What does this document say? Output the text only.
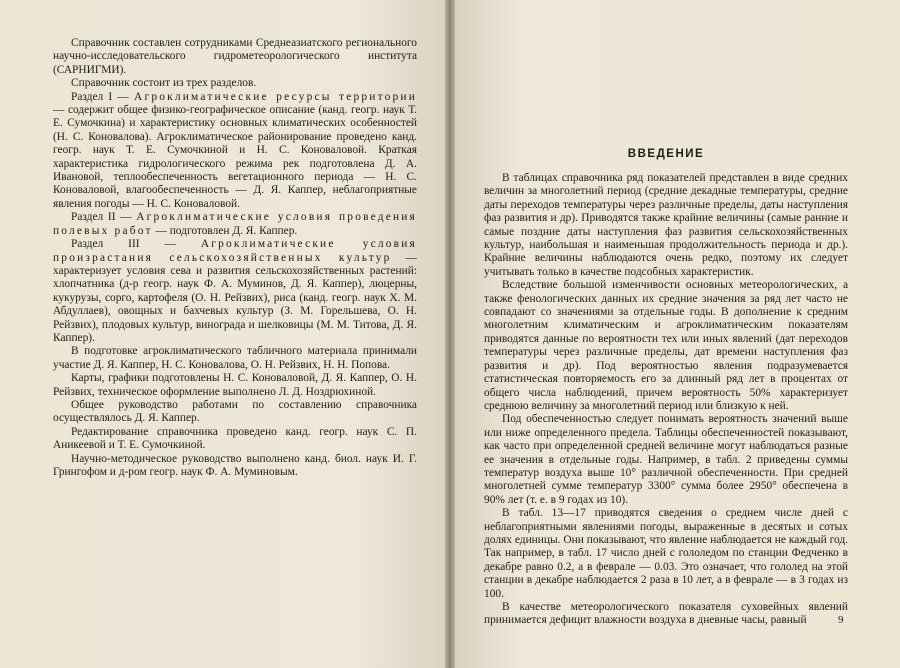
Справочник составлен сотрудниками Среднеазиатского регионального научно-исследовательского гидрометеорологического института (САРНИГМИ).

Справочник состоит из трех разделов.

Раздел I — Агроклиматические ресурсы территории — содержит общее физико-географическое описание (канд. геогр. наук Т. Е. Сумочкина) и характеристику основных климатических особенностей (Н. С. Коновалова). Агроклиматическое районирование проведено канд. геогр. наук Т. Е. Сумочкиной и Н. С. Коноваловой. Краткая характеристика гидрологического режима рек подготовлена Д. А. Ивановой, теплообеспеченность вегетационного периода — Н. С. Коноваловой, влагообеспеченность — Д. Я. Каппер, неблагоприятные явления погоды — Н. С. Коноваловой.

Раздел II — Агроклиматические условия проведения полевых работ — подготовлен Д. Я. Каппер.

Раздел III — Агроклиматические условия произрастания сельскохозяйственных культур — характеризует условия сева и развития сельскохозяйственных растений: хлопчатника (д-р геогр. наук Ф. А. Муминов, Д. Я. Каппер), люцерны, кукурузы, сорго, картофеля (О. Н. Рейзвих), риса (канд. геогр. наук Х. М. Абдуллаев), овощных и бахчевых культур (З. М. Горельшева, О. Н. Рейзвих), плодовых культур, винограда и шелковицы (М. М. Титова, Д. Я. Каппер).

В подготовке агроклиматического табличного материала принимали участие Д. Я. Каппер, Н. С. Коновалова, О. Н. Рейзвих, Н. Н. Попова.

Карты, графики подготовлены Н. С. Коноваловой, Д. Я. Каппер, О. Н. Рейзвих, техническое оформление выполнено Л. Д. Ноздрюхиной.

Общее руководство работами по составлению справочника осуществлялось Д. Я. Каппер.

Редактирование справочника проведено канд. геогр. наук С. П. Аникеевой и Т. Е. Сумочкиной.

Научно-методическое руководство выполнено канд. биол. наук И. Г. Грингофом и д-ром геогр. наук Ф. А. Муминовым.

ВВЕДЕНИЕ

В таблицах справочника ряд показателей представлен в виде средних величин за многолетний период (средние декадные температуры, средние даты переходов температуры через различные пределы, даты наступления фаз развития и др). Приводятся также крайние величины (самые ранние и самые поздние даты наступления фаз развития сельскохозяйственных культур, наибольшая и наименьшая продолжительность периода и др.). Крайние величины наблюдаются очень редко, поэтому их следует учитывать только в качестве подсобных характеристик.

Вследствие большой изменчивости основных метеорологических, а также фенологических данных их средние значения за ряд лет часто не совпадают со значениями за отдельные годы. В дополнение к средним многолетним климатическим и агроклиматическим показателям приводятся данные по вероятности тех или иных явлений (дат переходов температуры через различные пределы, дат времени наступления фаз развития и др). Под вероятностью явления подразумевается статистическая повторяемость его за длинный ряд лет в процентах от общего числа наблюдений, причем вероятность 50% характеризует среднюю величину за многолетний период или близкую к ней.

Под обеспеченностью следует понимать вероятность значений выше или ниже определенного предела. Таблицы обеспеченностей показывают, как часто при определенной средней величине могут наблюдаться разные ее значения в отдельные годы. Например, в табл. 2 приведены суммы температур воздуха выше 10° различной обеспеченности. При средней многолетней сумме температур 3300° сумма более 2950° обеспечена в 90% лет (т. е. в 9 годах из 10).

В табл. 13—17 приводятся сведения о среднем числе дней с неблагоприятными явлениями погоды, выраженные в десятых и сотых долях единицы. Они показывают, что явление наблюдается не каждый год. Так например, в табл. 17 число дней с гололедом по станции Федченко в декабре равно 0.2, а в феврале — 0.03. Это означает, что гололед на этой станции в декабре наблюдается 2 раза в 10 лет, а в феврале — в 3 годах из 100.

В качестве метеорологического показателя суховейных явлений принимается дефицит влажности воздуха в дневные часы, равный	9
